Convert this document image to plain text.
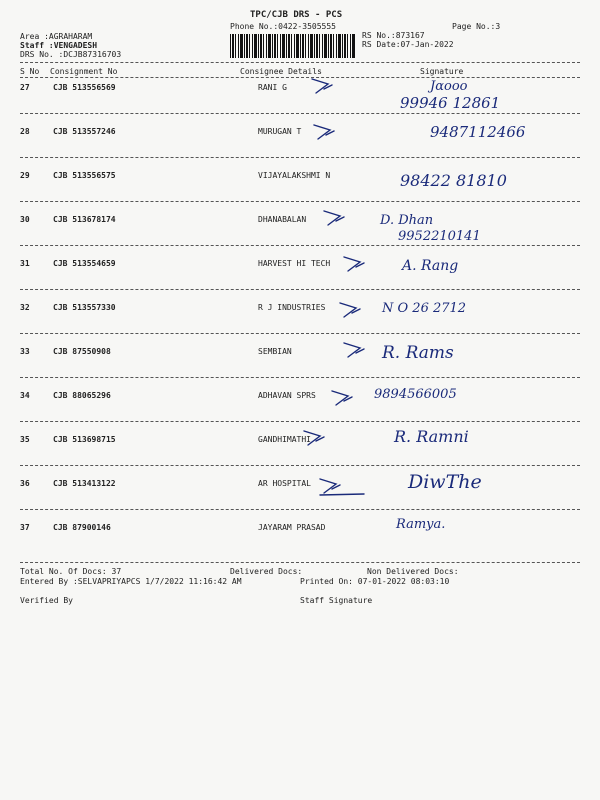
TPC/CJB DRS - PCS
Phone No.:0422-3505555	Page No.:3
Area :AGRAHARAM
Staff :VENGADESH
DRS No. :DCJB87316703
RS No.:873167
RS Date:07-Jan-2022
S No Consignment No	Consignee Details	Signature
27	CJB 513556569	RANI G
99946 12861
Jɑooo
28	CJB 513557246	MURUGAN T	9487112466
29	CJB 513556575	VIJAYALAKSHMI N	98422 81810
30	CJB 513678174	DHANABALAN	D. Dhan
9952210141
31	CJB 513554659	HARVEST HI TECH	A. Rang
32	CJB 513557330	R J INDUSTRIES	N O 26 2712
33	CJB 87550908	SEMBIAN	R. Rams
34	CJB 88065296	ADHAVAN SPRS	9894566005
35	CJB 513698715	GANDHIMATHI	R. Ramni
36	CJB 513413122	AR HOSPITAL	DiwThe
37	CJB 87900146	JAYARAM PRASAD	Ramya.
Total No. Of Docs: 37	Delivered Docs:	Non Delivered Docs:
Entered By :SELVAPRIYAPCS 1/7/2022 11:16:42 AM	Printed On: 07-01-2022 08:03:10
Verified By	Staff Signature
